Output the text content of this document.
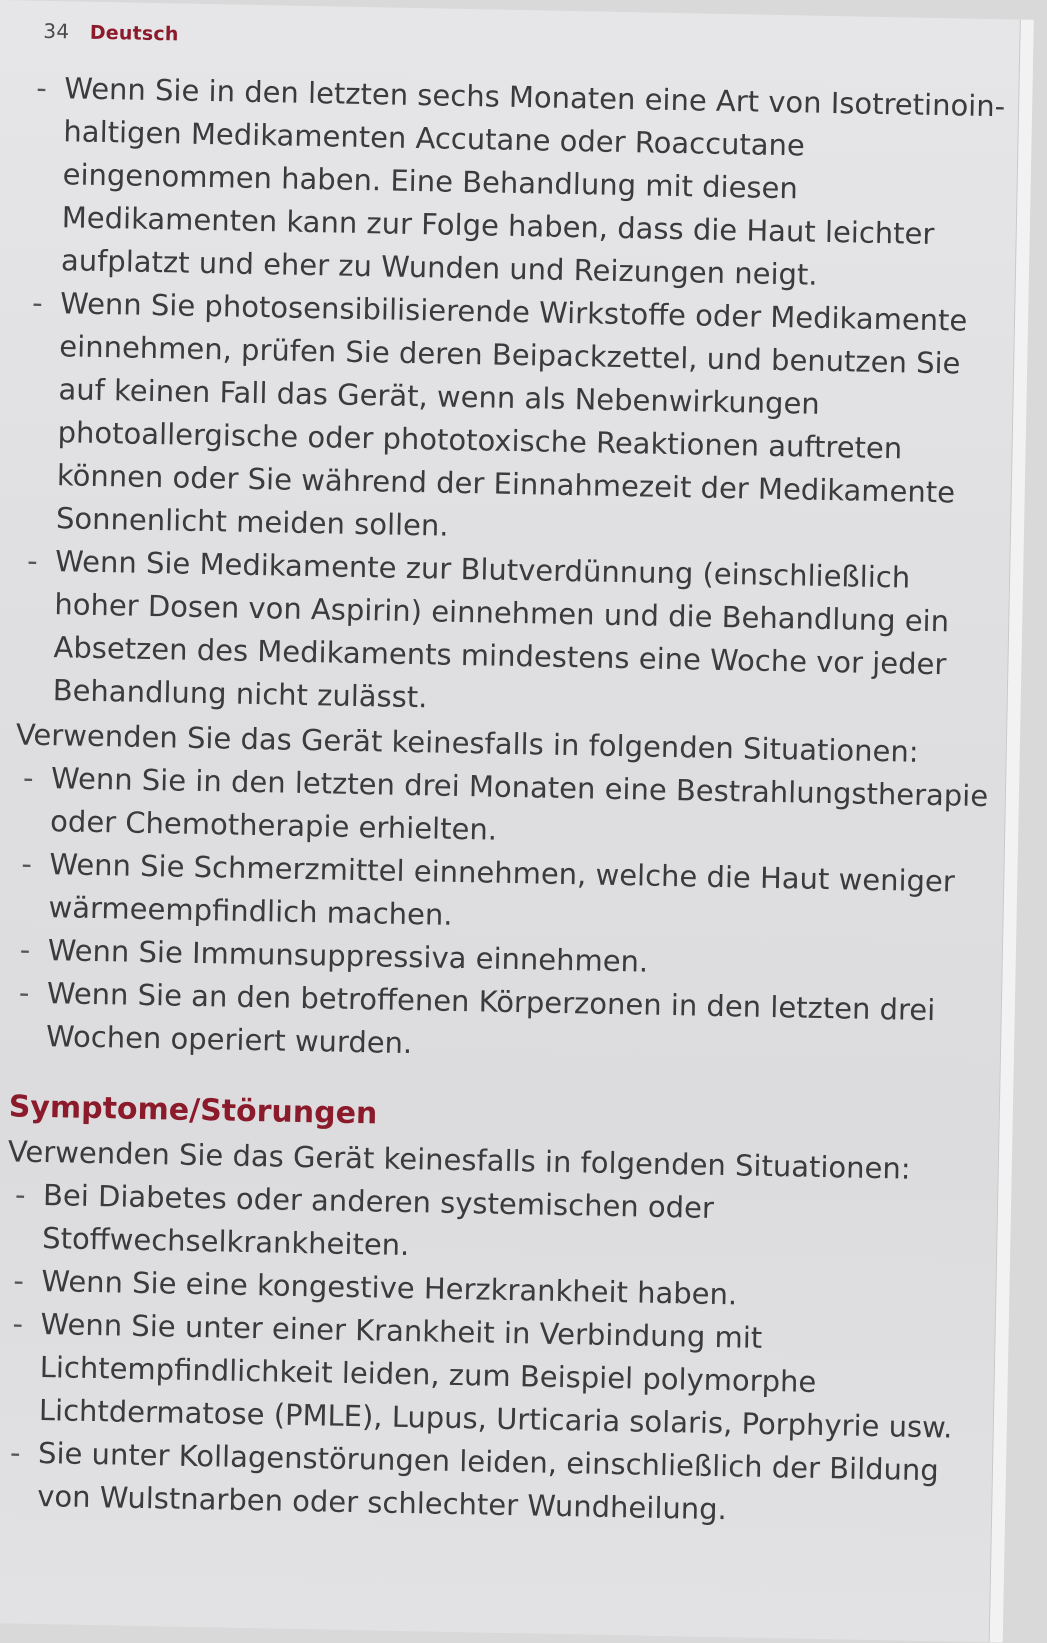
34 Deutsch
- Wenn Sie in den letzten sechs Monaten eine Art von Isotretinoin-haltigen Medikamenten Accutane oder Roaccutane eingenommen haben. Eine Behandlung mit diesen Medikamenten kann zur Folge haben, dass die Haut leichter aufplatzt und eher zu Wunden und Reizungen neigt.
- Wenn Sie photosensibilisierende Wirkstoffe oder Medikamente einnehmen, prüfen Sie deren Beipackzettel, und benutzen Sie auf keinen Fall das Gerät, wenn als Nebenwirkungen photoallergische oder phototoxische Reaktionen auftreten können oder Sie während der Einnahmezeit der Medikamente Sonnenlicht meiden sollen.
- Wenn Sie Medikamente zur Blutverdünnung (einschließlich hoher Dosen von Aspirin) einnehmen und die Behandlung ein Absetzen des Medikaments mindestens eine Woche vor jeder Behandlung nicht zulässt.
Verwenden Sie das Gerät keinesfalls in folgenden Situationen:
- Wenn Sie in den letzten drei Monaten eine Bestrahlungstherapie oder Chemotherapie erhielten.
- Wenn Sie Schmerzmittel einnehmen, welche die Haut weniger wärmeempfindlich machen.
- Wenn Sie Immunsuppressiva einnehmen.
- Wenn Sie an den betroffenen Körperzonen in den letzten drei Wochen operiert wurden.
Symptome/Störungen
Verwenden Sie das Gerät keinesfalls in folgenden Situationen:
- Bei Diabetes oder anderen systemischen oder Stoffwechselkrankheiten.
- Wenn Sie eine kongestive Herzkrankheit haben.
- Wenn Sie unter einer Krankheit in Verbindung mit Lichtempfindlichkeit leiden, zum Beispiel polymorphe Lichtdermatose (PMLE), Lupus, Urticaria solaris, Porphyrie usw.
- Sie unter Kollagenstörungen leiden, einschließlich der Bildung von Wulstnarben oder schlechter Wundheilung.
